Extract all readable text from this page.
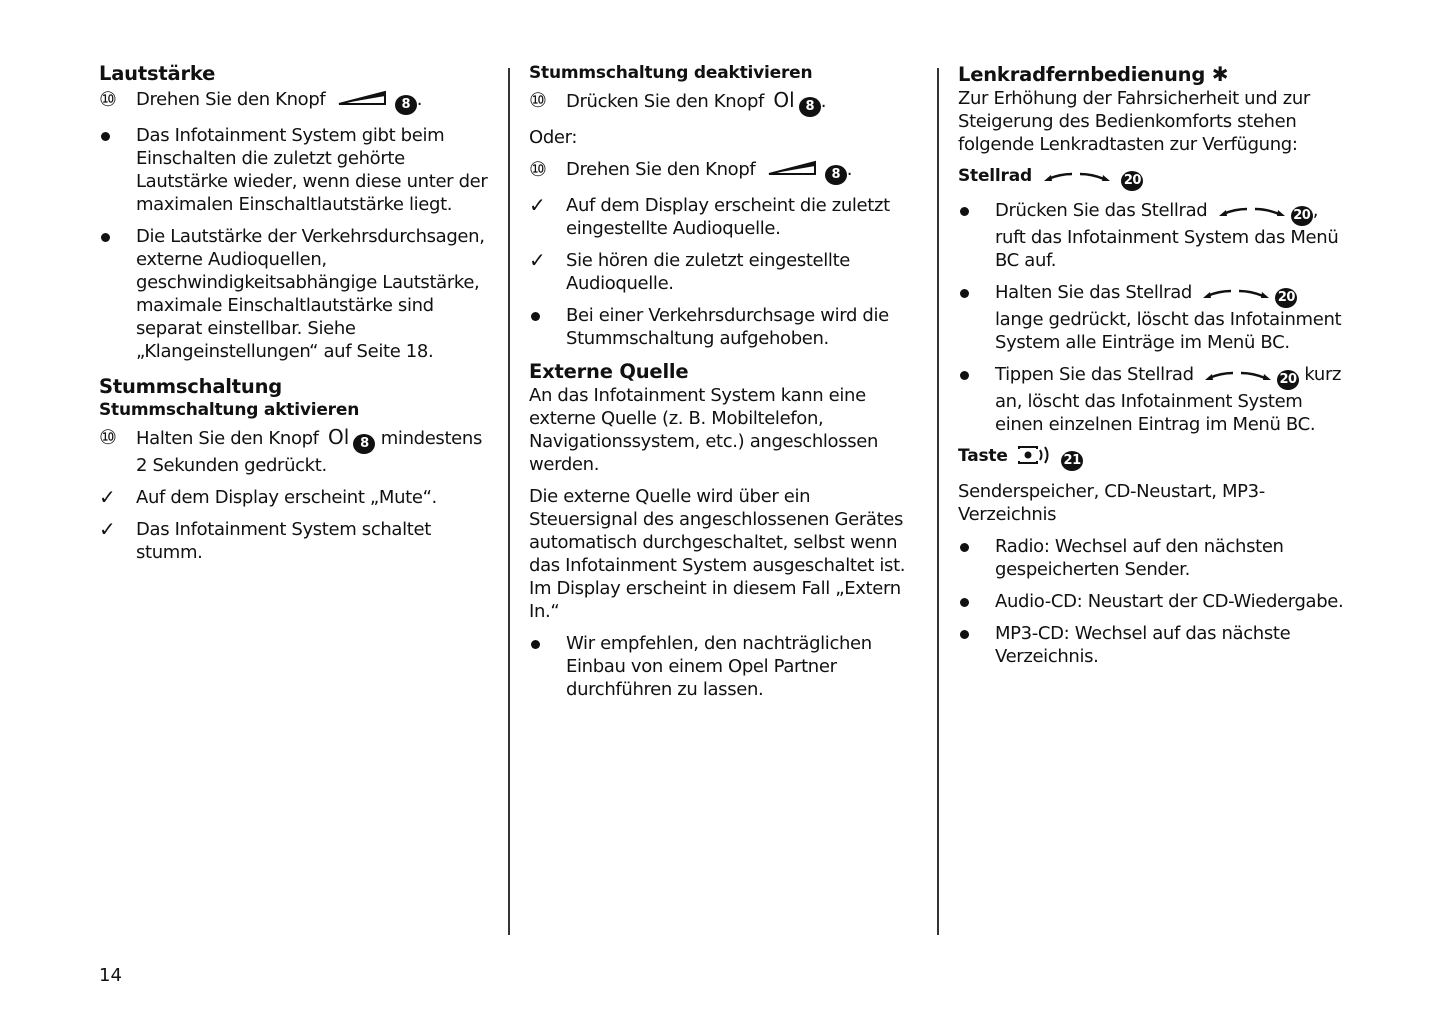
Lautstärke
⑩	Drehen Sie den Knopf	8 .
Das Infotainment System gibt beim Einschalten die zuletzt gehörte Lautstärke wieder, wenn diese unter der maximalen Einschaltlautstärke liegt.
Die Lautstärke der Verkehrsdurchsagen, externe Audioquellen, geschwindigkeitsabhängige Lautstärke, maximale Einschaltlautstärke sind separat einstellbar. Siehe „Klangeinstellungen“ auf Seite 18.
Stummschaltung
Stummschaltung aktivieren
⑩	Halten Sie den Knopf Ol 8 mindestens 2 Sekunden gedrückt.
✓	Auf dem Display erscheint „Mute“.
✓	Das Infotainment System schaltet stumm.
Stummschaltung deaktivieren
⑩	Drücken Sie den Knopf Ol 8 .

Oder:

⑩	Drehen Sie den Knopf	8 .
✓	Auf dem Display erscheint die zuletzt eingestellte Audioquelle.
✓	Sie hören die zuletzt eingestellte Audioquelle.
Bei einer Verkehrsdurchsage wird die Stummschaltung aufgehoben.
Externe Quelle

An das Infotainment System kann eine externe Quelle (z. B. Mobiltelefon, Navigationssystem, etc.) angeschlossen werden.

Die externe Quelle wird über ein Steuersignal des angeschlossenen Gerätes automatisch durchgeschaltet, selbst wenn das Infotainment System ausgeschaltet ist. Im Display erscheint in diesem Fall „Extern In.“

Wir empfehlen, den nachträglichen Einbau von einem Opel Partner durchführen zu lassen.
Lenkradfernbedienung ✱

Zur Erhöhung der Fahrsicherheit und zur Steigerung des Bedienkomforts stehen folgende Lenkradtasten zur Verfügung:

Stellrad	20
Drücken Sie das Stellrad	20 , ruft das Infotainment System das Menü BC auf.
Halten Sie das Stellrad	20 lange gedrückt, löscht das Infotainment System alle Einträge im Menü BC.
Tippen Sie das Stellrad	20 kurz an, löscht das Infotainment System einen einzelnen Eintrag im Menü BC.
Taste	21

Senderspeicher, CD-Neustart, MP3-Verzeichnis

Radio: Wechsel auf den nächsten gespeicherten Sender.
Audio-CD: Neustart der CD-Wiedergabe.
MP3-CD: Wechsel auf das nächste Verzeichnis.
14
